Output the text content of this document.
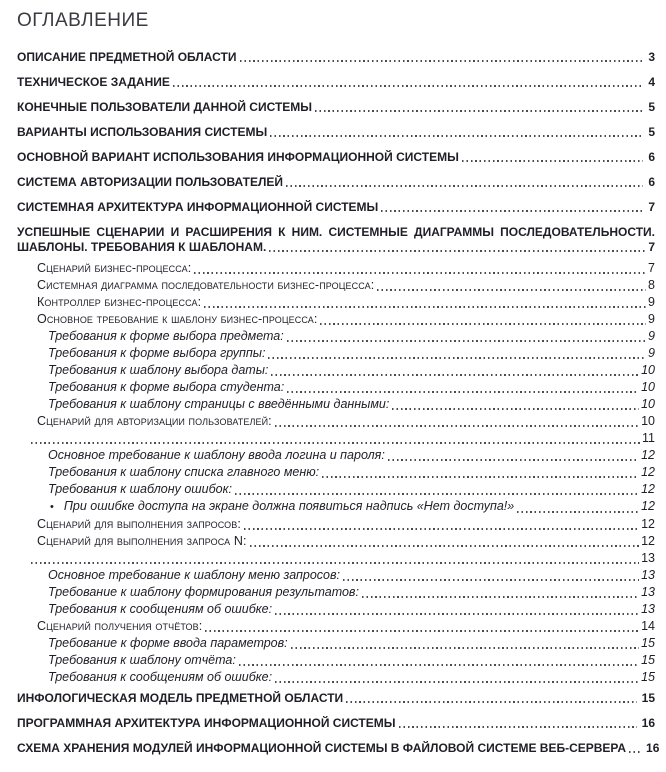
ОГЛАВЛЕНИЕ
ОПИСАНИЕ ПРЕДМЕТНОЙ ОБЛАСТИ	3
ТЕХНИЧЕСКОЕ ЗАДАНИЕ	4
КОНЕЧНЫЕ ПОЛЬЗОВАТЕЛИ ДАННОЙ СИСТЕМЫ	5
ВАРИАНТЫ ИСПОЛЬЗОВАНИЯ СИСТЕМЫ	5
ОСНОВНОЙ ВАРИАНТ ИСПОЛЬЗОВАНИЯ ИНФОРМАЦИОННОЙ СИСТЕМЫ	6
СИСТЕМА АВТОРИЗАЦИИ ПОЛЬЗОВАТЕЛЕЙ	6
СИСТЕМНАЯ АРХИТЕКТУРА ИНФОРМАЦИОННОЙ СИСТЕМЫ	7
УСПЕШНЫЕ СЦЕНАРИИ И РАСШИРЕНИЯ К НИМ. СИСТЕМНЫЕ ДИАГРАММЫ ПОСЛЕДОВАТЕЛЬНОСТИ.
ШАБЛОНЫ. ТРЕБОВАНИЯ К ШАБЛОНАМ.	7
Сценарий бизнес-процесса:	7
Системная диаграмма последовательности бизнес-процесса:	8
Контроллер бизнес-процесса:	9
Основное требование к шаблону бизнес-процесса:	9
Требования к форме выбора предмета:	9
Требования к форме выбора группы:	9
Требования к шаблону выбора даты:	10
Требования к форме выбора студента:	10
Требования к шаблону страницы с введёнными данными:	10
Сценарий для авторизации пользователей:	10
11
Основное требование к шаблону ввода логина и пароля:	12
Требования к шаблону списка главного меню:	12
Требования к шаблону ошибок:	12
• При ошибке доступа на экране должна появиться надпись «Нет доступа!»	12
Сценарий для выполнения запросов:	12
Сценарий для выполнения запроса N:	12
13
Основное требование к шаблону меню запросов:	13
Требование к шаблону формирования результатов:	13
Требования к сообщениям об ошибке:	13
Сценарий получения отчётов:	14
Требование к форме ввода параметров:	15
Требования к шаблону отчёта:	15
Требования к сообщениям об ошибке:	15
ИНФОЛОГИЧЕСКАЯ МОДЕЛЬ ПРЕДМЕТНОЙ ОБЛАСТИ	15
ПРОГРАММНАЯ АРХИТЕКТУРА ИНФОРМАЦИОННОЙ СИСТЕМЫ	16
СХЕМА ХРАНЕНИЯ МОДУЛЕЙ ИНФОРМАЦИОННОЙ СИСТЕМЫ В ФАЙЛОВОЙ СИСТЕМЕ ВЕБ-СЕРВЕРА 16
